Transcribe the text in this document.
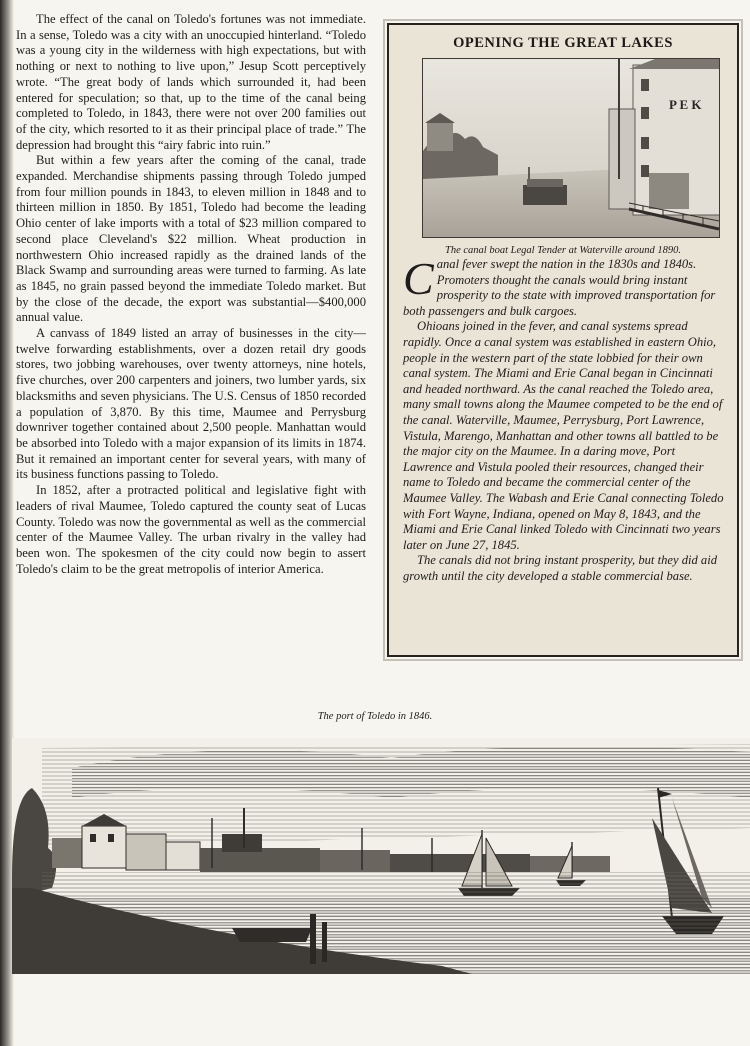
The effect of the canal on Toledo's fortunes was not immediate. In a sense, Toledo was a city with an unoccupied hinterland. “Toledo was a young city in the wilderness with high expectations, but with nothing or next to nothing to live upon,” Jesup Scott perceptively wrote. “The great body of lands which surrounded it, had been entered for speculation; so that, up to the time of the canal being completed to Toledo, in 1843, there were not over 200 families out of the city, which resorted to it as their principal place of trade.” The depression had brought this “airy fabric into ruin.”

But within a few years after the coming of the canal, trade expanded. Merchandise shipments passing through Toledo jumped from four million pounds in 1843, to eleven million in 1848 and to thirteen million in 1850. By 1851, Toledo had become the leading Ohio center of lake imports with a total of $23 million compared to second place Cleveland's $22 million. Wheat production in northwestern Ohio increased rapidly as the drained lands of the Black Swamp and surrounding areas were turned to farming. As late as 1845, no grain passed beyond the immediate Toledo market. But by the close of the decade, the export was substantial—$400,000 annual value.

A canvass of 1849 listed an array of businesses in the city—twelve forwarding establishments, over a dozen retail dry goods stores, two jobbing warehouses, over twenty attorneys, nine hotels, five churches, over 200 carpenters and joiners, two lumber yards, six blacksmiths and seven physicians. The U.S. Census of 1850 recorded a population of 3,870. By this time, Maumee and Perrysburg downriver together contained about 2,500 people. Manhattan would be absorbed into Toledo with a major expansion of its limits in 1874. But it remained an important center for several years, with many of its business functions passing to Toledo.

In 1852, after a protracted political and legislative fight with leaders of rival Maumee, Toledo captured the county seat of Lucas County. Toledo was now the governmental as well as the commercial center of the Maumee Valley. The urban rivalry in the valley had been won. The spokesmen of the city could now begin to assert Toledo's claim to be the great metropolis of interior America.

OPENING THE GREAT LAKES
P E K
The canal boat Legal Tender at Waterville around 1890.

Canal fever swept the nation in the 1830s and 1840s. Promoters thought the canals would bring instant prosperity to the state with improved transportation for both passengers and bulk cargoes.

Ohioans joined in the fever, and canal systems spread rapidly. Once a canal system was established in eastern Ohio, people in the western part of the state lobbied for their own canal system. The Miami and Erie Canal began in Cincinnati and headed northward. As the canal reached the Toledo area, many small towns along the Maumee competed to be the end of the canal. Waterville, Maumee, Perrysburg, Port Lawrence, Vistula, Marengo, Manhattan and other towns all battled to be the major city on the Maumee. In a daring move, Port Lawrence and Vistula pooled their resources, changed their name to Toledo and became the commercial center of the Maumee Valley. The Wabash and Erie Canal connecting Toledo with Fort Wayne, Indiana, opened on May 8, 1843, and the Miami and Erie Canal linked Toledo with Cincinnati two years later on June 27, 1845.

The canals did not bring instant prosperity, but they did aid growth until the city developed a stable commercial base.

The port of Toledo in 1846.
